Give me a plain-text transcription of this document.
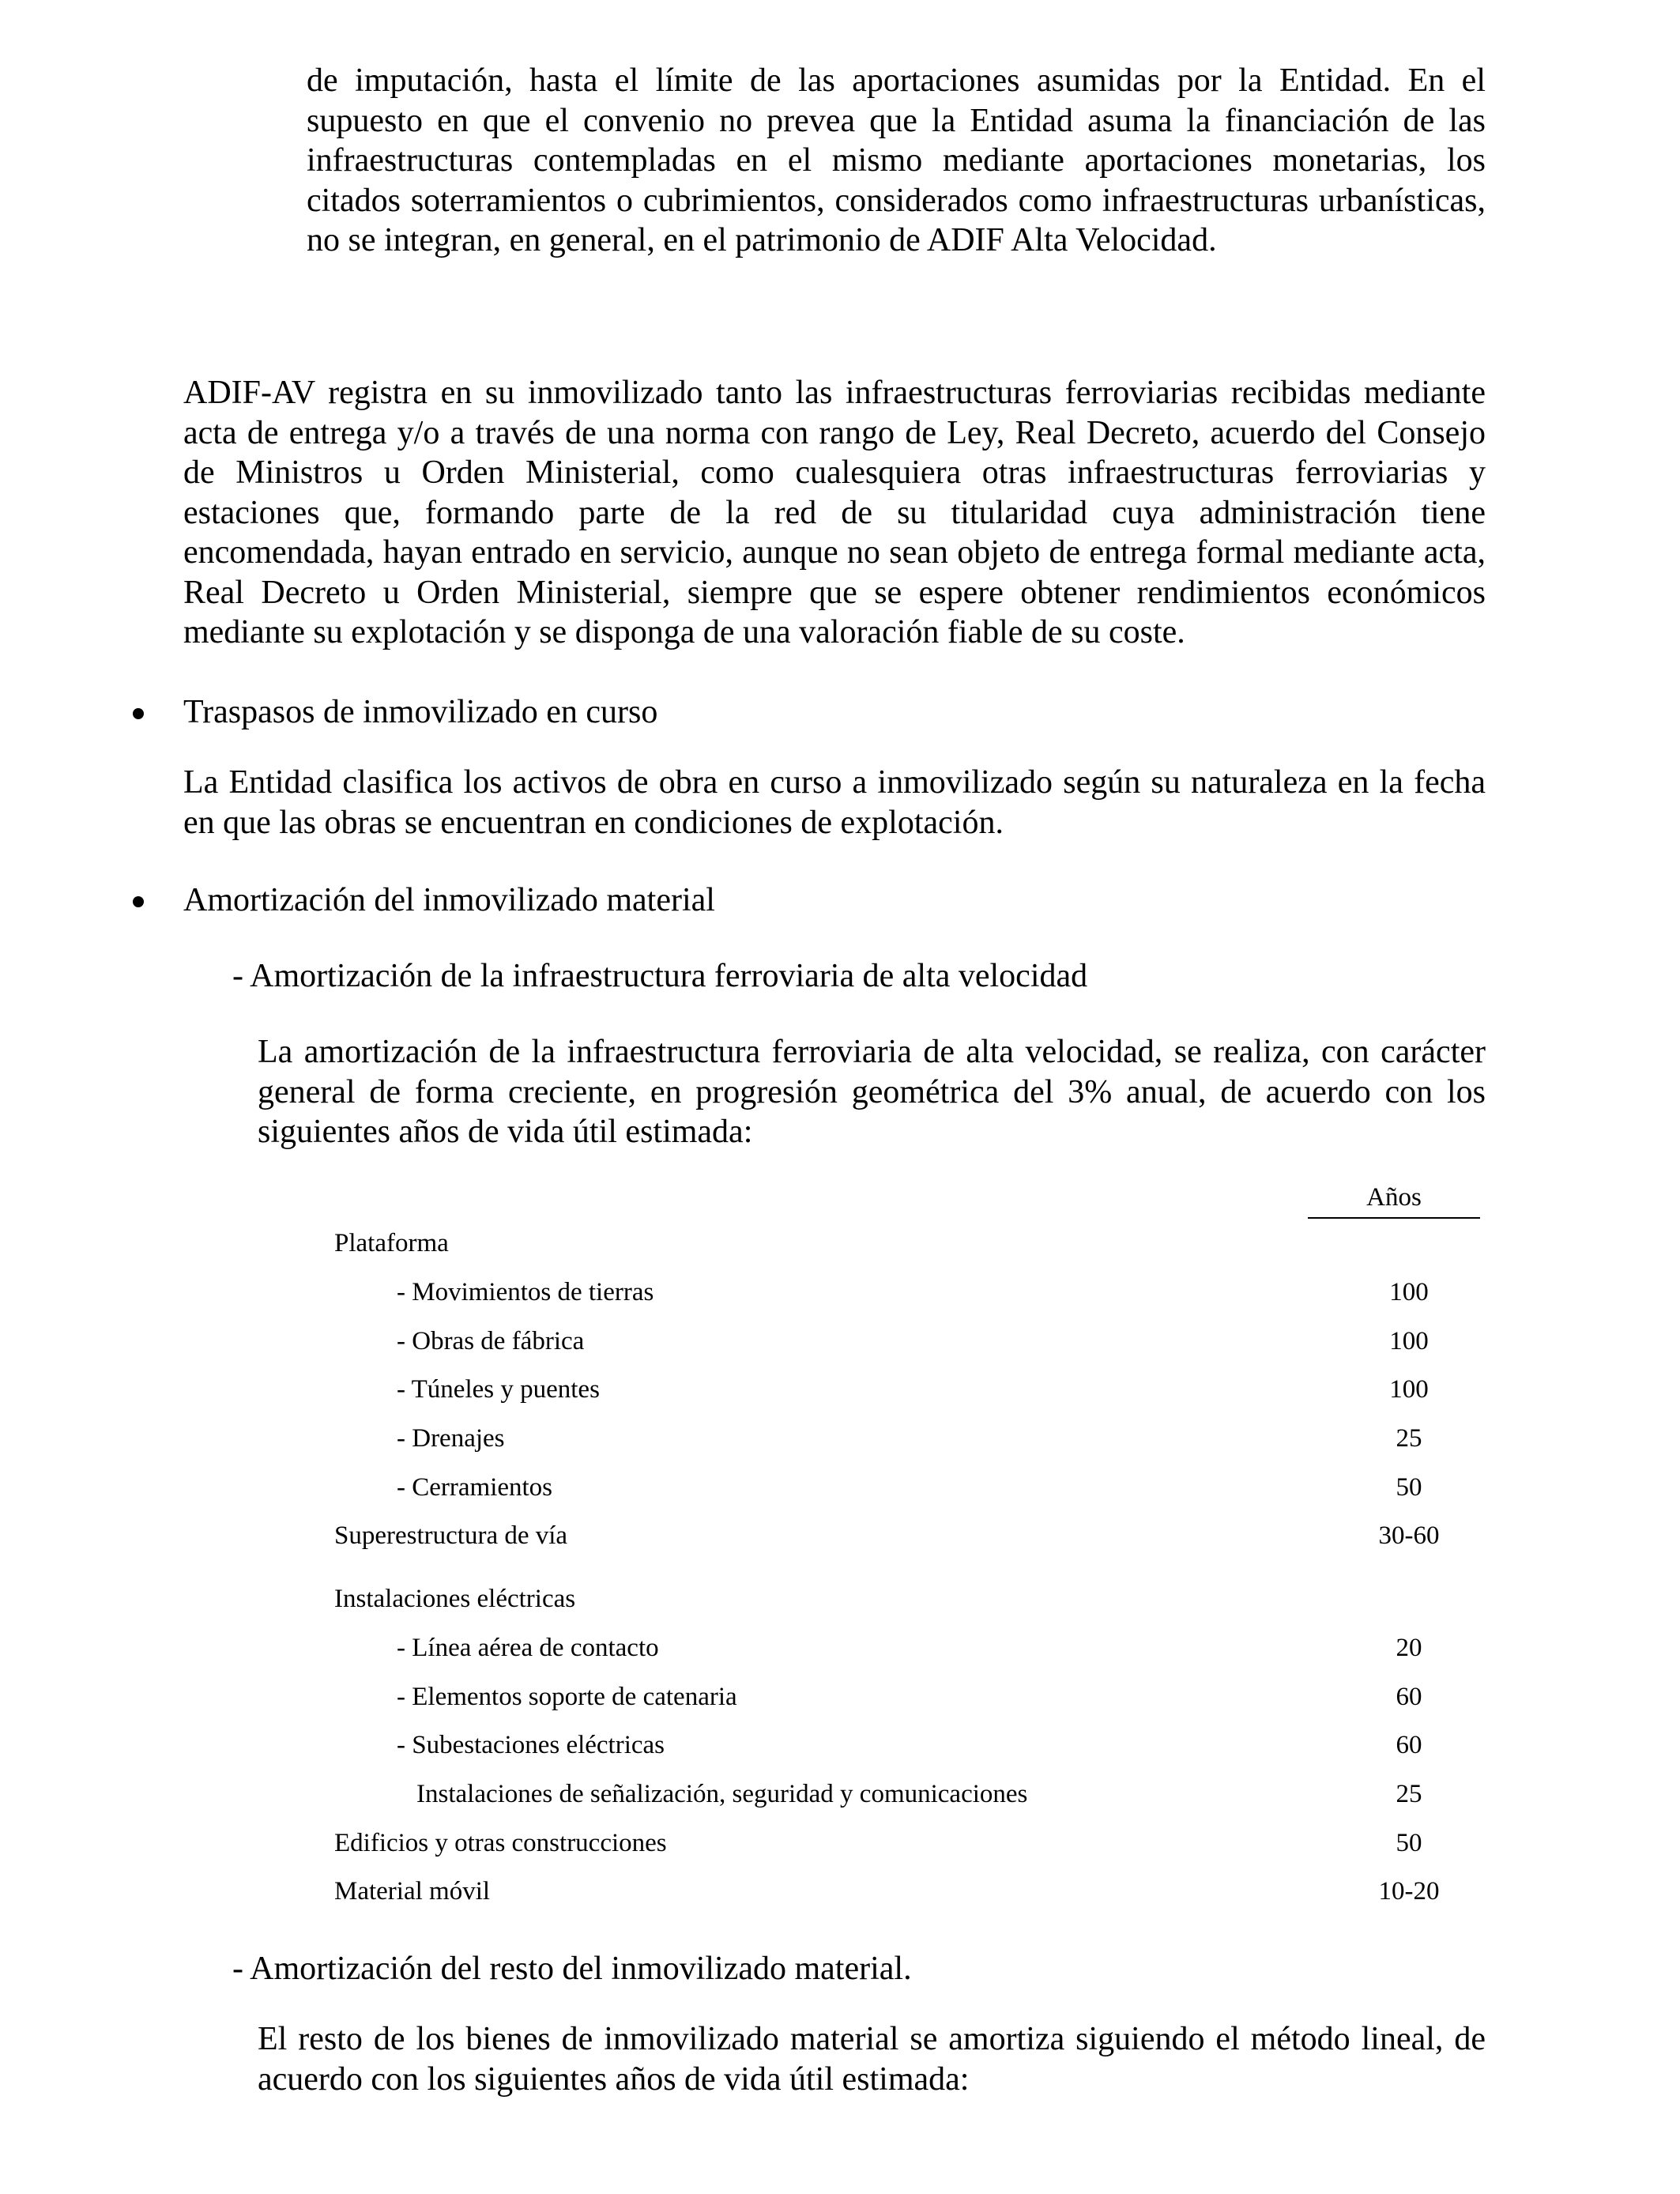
de imputación, hasta el límite de las aportaciones asumidas por la Entidad. En el supuesto en que el convenio no prevea que la Entidad asuma la financiación de las infraestructuras contempladas en el mismo mediante aportaciones monetarias, los citados soterramientos o cubrimientos, considerados como infraestructuras urbanísticas, no se integran, en general, en el patrimonio de ADIF Alta Velocidad.

ADIF-AV registra en su inmovilizado tanto las infraestructuras ferroviarias recibidas mediante acta de entrega y/o a través de una norma con rango de Ley, Real Decreto, acuerdo del Consejo de Ministros u Orden Ministerial, como cualesquiera otras infraestructuras ferroviarias y estaciones que, formando parte de la red de su titularidad cuya administración tiene encomendada, hayan entrado en servicio, aunque no sean objeto de entrega formal mediante acta, Real Decreto u Orden Ministerial, siempre que se espere obtener rendimientos económicos mediante su explotación y se disponga de una valoración fiable de su coste.

Traspasos de inmovilizado en curso

La Entidad clasifica los activos de obra en curso a inmovilizado según su naturaleza en la fecha en que las obras se encuentran en condiciones de explotación.

Amortización del inmovilizado material

- Amortización de la infraestructura ferroviaria de alta velocidad

La amortización de la infraestructura ferroviaria de alta velocidad, se realiza, con carácter general de forma creciente, en progresión geométrica del 3% anual, de acuerdo con los siguientes años de vida útil estimada:

Años
Plataforma
- Movimientos de tierras	100
- Obras de fábrica	100
- Túneles y puentes	100
- Drenajes	25
- Cerramientos	50
Superestructura de vía	30-60
Instalaciones eléctricas
- Línea aérea de contacto	20
- Elementos soporte de catenaria	60
- Subestaciones eléctricas	60
Instalaciones de señalización, seguridad y comunicaciones	25
Edificios y otras construcciones	50
Material móvil	10-20

- Amortización del resto del inmovilizado material.

El resto de los bienes de inmovilizado material se amortiza siguiendo el método lineal, de acuerdo con los siguientes años de vida útil estimada:
